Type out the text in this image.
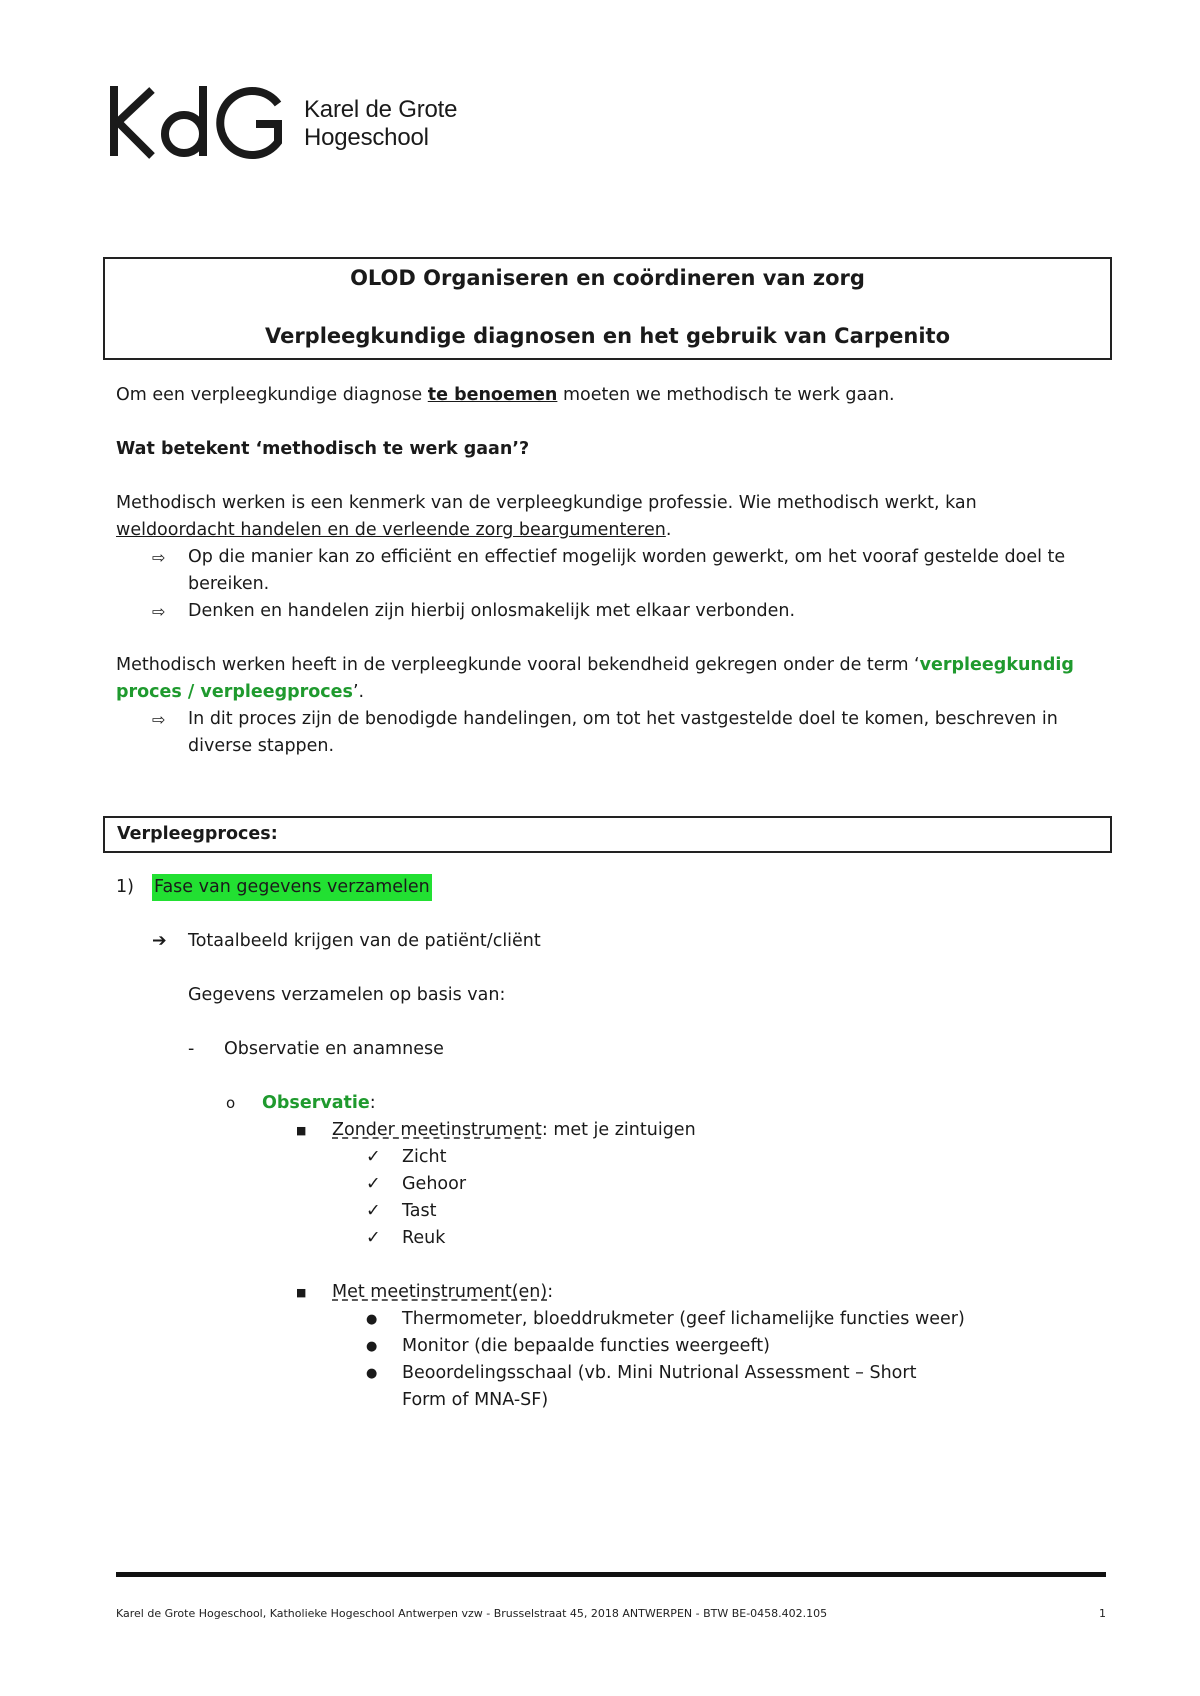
Karel de Grote
Hogeschool
OLOD Organiseren en coördineren van zorg
Verpleegkundige diagnosen en het gebruik van Carpenito

Om een verpleegkundige diagnose te benoemen moeten we methodisch te werk gaan.

Wat betekent ‘methodisch te werk gaan’?

Methodisch werken is een kenmerk van de verpleegkundige professie. Wie methodisch werkt, kan

weldoordacht handelen en de verleende zorg beargumenteren.

⇨	Op die manier kan zo efficiënt en effectief mogelijk worden gewerkt, om het vooraf gestelde doel te bereiken.
⇨	Denken en handelen zijn hierbij onlosmakelijk met elkaar verbonden.

Methodisch werken heeft in de verpleegkunde vooral bekendheid gekregen onder de term ‘verpleegkundig proces / verpleegproces’.

⇨	In dit proces zijn de benodigde handelingen, om tot het vastgestelde doel te komen, beschreven in diverse stappen.
Verpleegproces:
1)	Fase van gegevens verzamelen
➔	Totaalbeeld krijgen van de patiënt/cliënt
Gegevens verzamelen op basis van:
-	Observatie en anamnese
o	Observatie:
■	Zonder meetinstrument: met je zintuigen
✓	Zicht
✓	Gehoor
✓	Tast
✓	Reuk
■	Met meetinstrument(en):
●	Thermometer, bloeddrukmeter (geef lichamelijke functies weer)
●	Monitor (die bepaalde functies weergeeft)
●	Beoordelingsschaal (vb. Mini Nutrional Assessment – Short Form of MNA-SF)
Karel de Grote Hogeschool, Katholieke Hogeschool Antwerpen vzw - Brusselstraat 45, 2018 ANTWERPEN - BTW BE-0458.402.105	1
